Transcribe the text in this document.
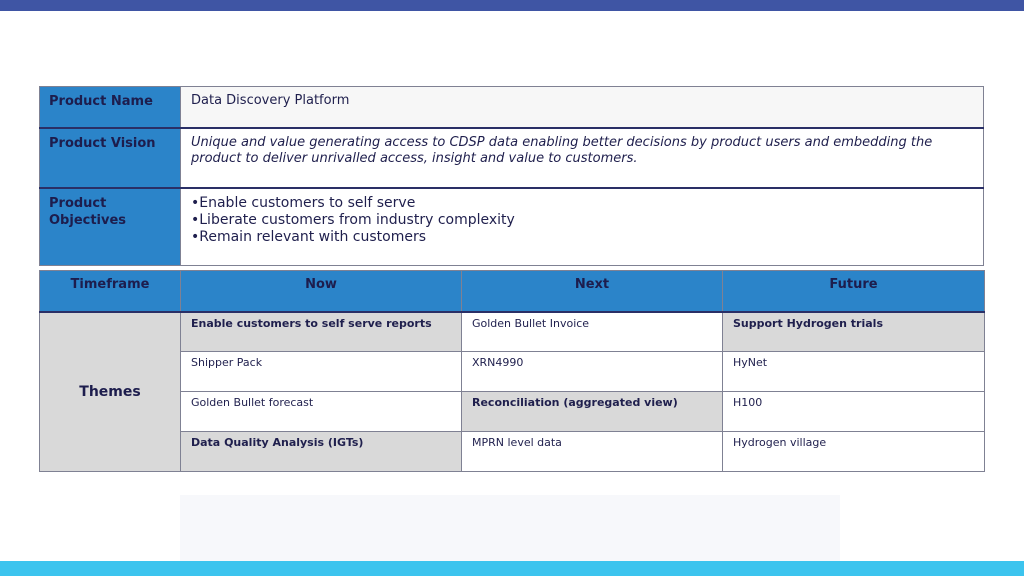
Product Name	Data Discovery Platform
Product Vision	Unique and value generating access to CDSP data enabling better decisions by product users and embedding the product to deliver unrivalled access, insight and value to customers.
Product
Objectives	•Enable customers to self serve
•Liberate customers from industry complexity
•Remain relevant with customers
Timeframe	Now	Next	Future
Themes	Enable customers to self serve reports	Golden Bullet Invoice	Support Hydrogen trials
	Shipper Pack	XRN4990	HyNet
	Golden Bullet forecast	Reconciliation (aggregated view)	H100
	Data Quality Analysis (IGTs)	MPRN level data	Hydrogen village
